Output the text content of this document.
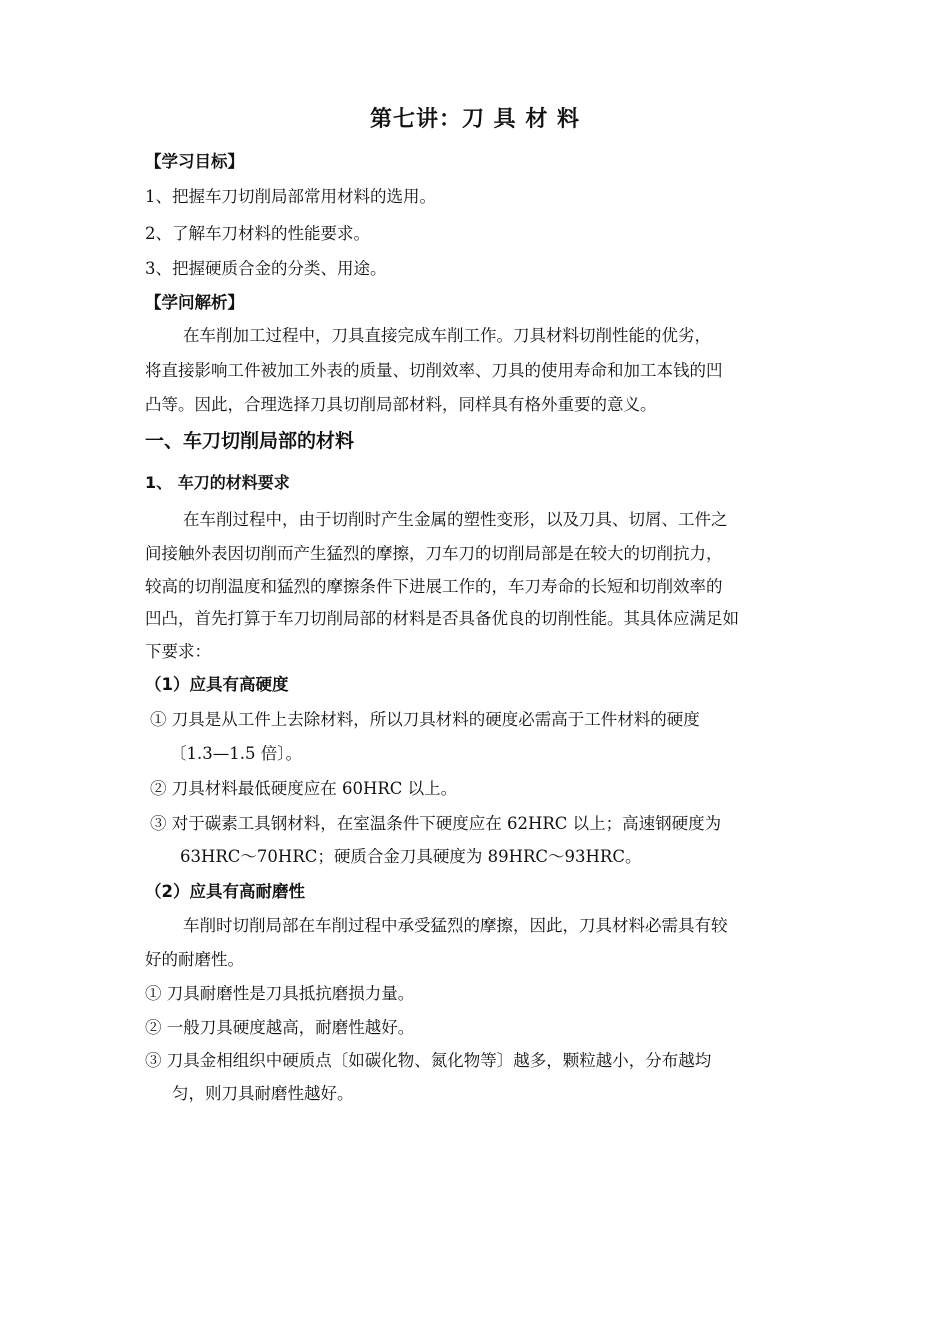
第七讲：刀 具 材 料
【学习目标】
1、把握车刀切削局部常用材料的选用。
2、了解车刀材料的性能要求。
3、把握硬质合金的分类、用途。
【学问解析】
在车削加工过程中，刀具直接完成车削工作。刀具材料切削性能的优劣，
将直接影响工件被加工外表的质量、切削效率、刀具的使用寿命和加工本钱的凹
凸等。因此，合理选择刀具切削局部材料，同样具有格外重要的意义。
一、车刀切削局部的材料
1、 车刀的材料要求
在车削过程中，由于切削时产生金属的塑性变形，以及刀具、切屑、工件之
间接触外表因切削而产生猛烈的摩擦，刀车刀的切削局部是在较大的切削抗力，
较高的切削温度和猛烈的摩擦条件下进展工作的，车刀寿命的长短和切削效率的
凹凸，首先打算于车刀切削局部的材料是否具备优良的切削性能。其具体应满足如
下要求：
（1）应具有高硬度
① 刀具是从工件上去除材料，所以刀具材料的硬度必需高于工件材料的硬度
〔1.3—1.5 倍〕。
② 刀具材料最低硬度应在 60HRC 以上。
③ 对于碳素工具钢材料，在室温条件下硬度应在 62HRC 以上；高速钢硬度为
63HRC～70HRC；硬质合金刀具硬度为 89HRC～93HRC。
（2）应具有高耐磨性
车削时切削局部在车削过程中承受猛烈的摩擦，因此，刀具材料必需具有较
好的耐磨性。
① 刀具耐磨性是刀具抵抗磨损力量。
② 一般刀具硬度越高，耐磨性越好。
③ 刀具金相组织中硬质点〔如碳化物、氮化物等〕越多，颗粒越小，分布越均
匀，则刀具耐磨性越好。
